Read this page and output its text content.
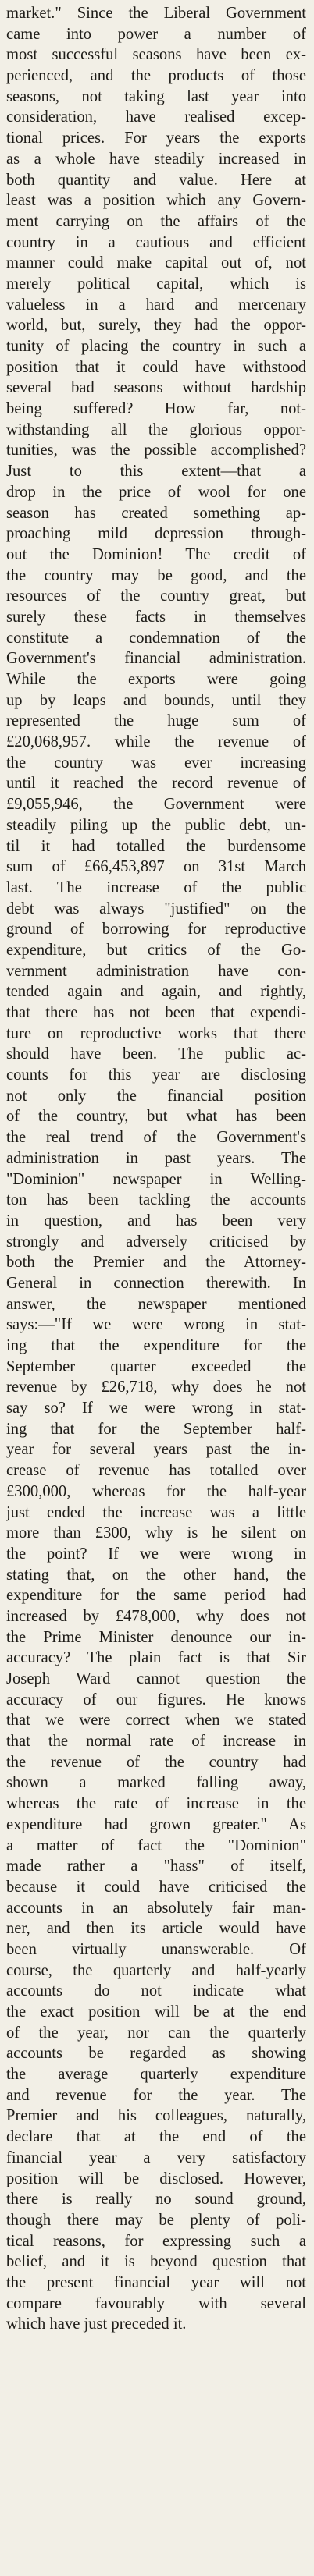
market." Since the Liberal Government
came into power a number of
most successful seasons have been ex-
perienced, and the products of those
seasons, not taking last year into
consideration, have realised excep-
tional prices. For years the exports
as a whole have steadily increased in
both quantity and value. Here at
least was a position which any Govern-
ment carrying on the affairs of the
country in a cautious and efficient
manner could make capital out of, not
merely political capital, which is
valueless in a hard and mercenary
world, but, surely, they had the oppor-
tunity of placing the country in such a
position that it could have withstood
several bad seasons without hardship
being suffered? How far, not-
withstanding all the glorious oppor-
tunities, was the possible accomplished?
Just to this extent—that a
drop in the price of wool for one
season has created something ap-
proaching mild depression through-
out the Dominion! The credit of
the country may be good, and the
resources of the country great, but
surely these facts in themselves
constitute a condemnation of the
Government's financial administration.
While the exports were going
up by leaps and bounds, until they
represented the huge sum of
£20,068,957. while the revenue of
the country was ever increasing
until it reached the record revenue of
£9,055,946, the Government were
steadily piling up the public debt, un-
til it had totalled the burdensome
sum of £66,453,897 on 31st March
last. The increase of the public
debt was always "justified" on the
ground of borrowing for reproductive
expenditure, but critics of the Go-
vernment administration have con-
tended again and again, and rightly,
that there has not been that expendi-
ture on reproductive works that there
should have been. The public ac-
counts for this year are disclosing
not only the financial position
of the country, but what has been
the real trend of the Government's
administration in past years. The
"Dominion" newspaper in Welling-
ton has been tackling the accounts
in question, and has been very
strongly and adversely criticised by
both the Premier and the Attorney-
General in connection therewith. In
answer, the newspaper mentioned
says:—"If we were wrong in stat-
ing that the expenditure for the
September quarter exceeded the
revenue by £26,718, why does he not
say so? If we were wrong in stat-
ing that for the September half-
year for several years past the in-
crease of revenue has totalled over
£300,000, whereas for the half-year
just ended the increase was a little
more than £300, why is he silent on
the point? If we were wrong in
stating that, on the other hand, the
expenditure for the same period had
increased by £478,000, why does not
the Prime Minister denounce our in-
accuracy? The plain fact is that Sir
Joseph Ward cannot question the
accuracy of our figures. He knows
that we were correct when we stated
that the normal rate of increase in
the revenue of the country had
shown a marked falling away,
whereas the rate of increase in the
expenditure had grown greater." As
a matter of fact the "Dominion"
made rather a "hass" of itself,
because it could have criticised the
accounts in an absolutely fair man-
ner, and then its article would have
been virtually unanswerable. Of
course, the quarterly and half-yearly
accounts do not indicate what
the exact position will be at the end
of the year, nor can the quarterly
accounts be regarded as showing
the average quarterly expenditure
and revenue for the year. The
Premier and his colleagues, naturally,
declare that at the end of the
financial year a very satisfactory
position will be disclosed. However,
there is really no sound ground,
though there may be plenty of poli-
tical reasons, for expressing such a
belief, and it is beyond question that
the present financial year will not
compare favourably with several
which have just preceded it.
